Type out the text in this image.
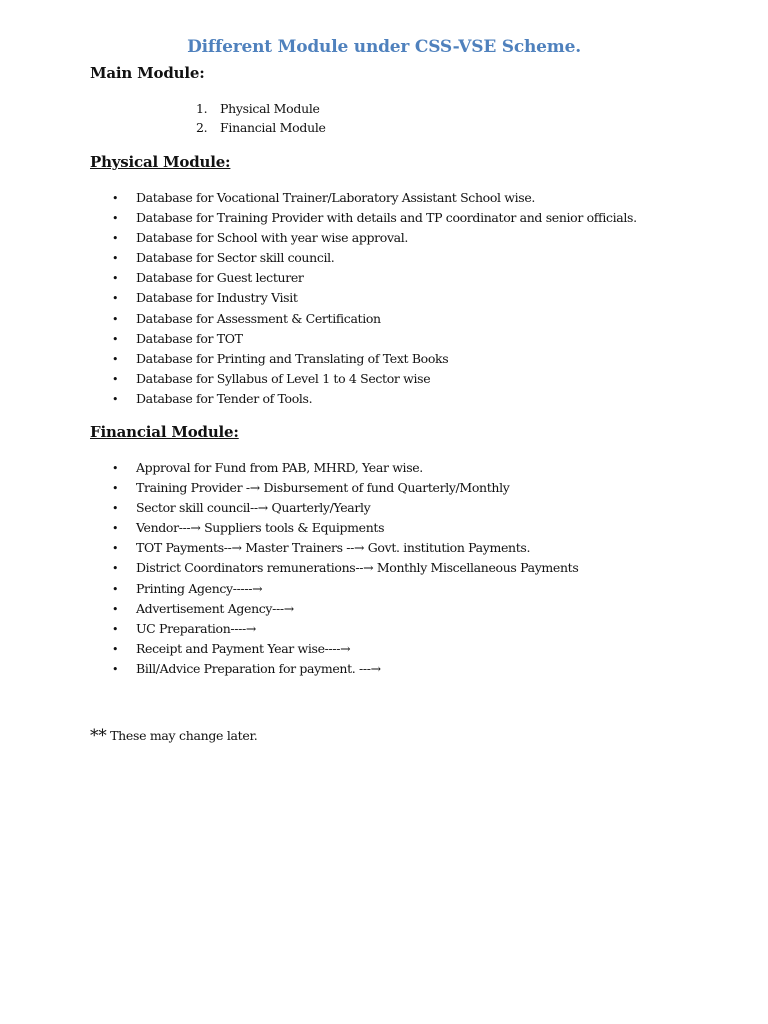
Different Module under CSS-VSE Scheme.
Main Module:
1. Physical Module
2. Financial Module
Physical Module:
• Database for Vocational Trainer/Laboratory Assistant School wise.
• Database for Training Provider with details and TP coordinator and senior officials.
• Database for School with year wise approval.
• Database for Sector skill council.
• Database for Guest lecturer
• Database for Industry Visit
• Database for Assessment & Certification
• Database for TOT
• Database for Printing and Translating of Text Books
• Database for Syllabus of Level 1 to 4 Sector wise
• Database for Tender of Tools.
Financial Module:
• Approval for Fund from PAB, MHRD, Year wise.
• Training Provider -→ Disbursement of fund Quarterly/Monthly
• Sector skill council--→ Quarterly/Yearly
• Vendor---→ Suppliers tools & Equipments
• TOT Payments--→ Master Trainers --→ Govt. institution Payments.
• District Coordinators remunerations--→ Monthly Miscellaneous Payments
• Printing Agency-----→
• Advertisement Agency---→
• UC Preparation----→
• Receipt and Payment Year wise----→
• Bill/Advice Preparation for payment. ---→
** These may change later.
